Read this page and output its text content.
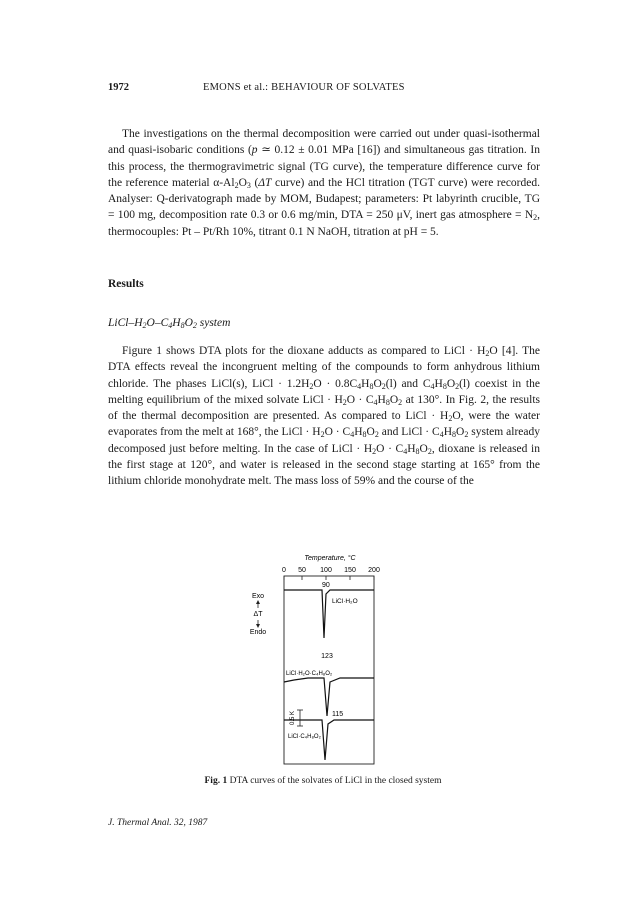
1972	EMONS et al.: BEHAVIOUR OF SOLVATES

The investigations on the thermal decomposition were carried out under quasi-isothermal and quasi-isobaric conditions (p ≃ 0.12 ± 0.01 MPa [16]) and simultaneous gas titration. In this process, the thermogravimetric signal (TG curve), the temperature difference curve for the reference material $\alpha-Al_2O_3$ (ΔT curve) and the HCl titration (TGT curve) were recorded. Analyser: Q-derivatograph made by MOM, Budapest; parameters: Pt labyrinth crucible, TG = 100 mg, decomposition rate 0.3 or 0.6 mg/min, DTA = 250 μV, inert gas atmosphere = $N_2$, thermocouples: Pt – Pt/Rh 10%, titrant 0.1 N NaOH, titration at pH = 5.

Results

LiCl–$H_2O-C_4H_8O_2$ system

Figure 1 shows DTA plots for the dioxane adducts as compared to LiCl · $H_2O$ [4]. The DTA effects reveal the incongruent melting of the compounds to form anhydrous lithium chloride. The phases LiCl(s), LiCl · $1.2H_2O \cdot 0.8C_4H_8O_2(l)$ and $C_4H_8O_2(l)$ coexist in the melting equilibrium of the mixed solvate LiCl · $H_2O \cdot C_4H_8O_2$ at 130°. In Fig. 2, the results of the thermal decomposition are presented. As compared to LiCl · $H_2O$, were the water evaporates from the melt at 168°, the LiCl · $H_2O \cdot C_4H_8O_2$ and LiCl · $C_4H_8O_2$ system already decomposed just before melting. In the case of LiCl · $H_2O \cdot C_4H_8O_2$, dioxane is released in the first stage at 120°, and water is released in the second stage starting at 165° from the lithium chloride monohydrate melt. The mass loss of 59% and the course of the

Temperature, °C
0 50 100 150 200
Exo
ΔT
Endo
90
LiCl·H₂O
123
LiCl·H₂O·C₄H₈O₂
115
LiCl·C₄H₈O₂
0.5 K

Fig. 1 DTA curves of the solvates of LiCl in the closed system

J. Thermal Anal. 32, 1987
